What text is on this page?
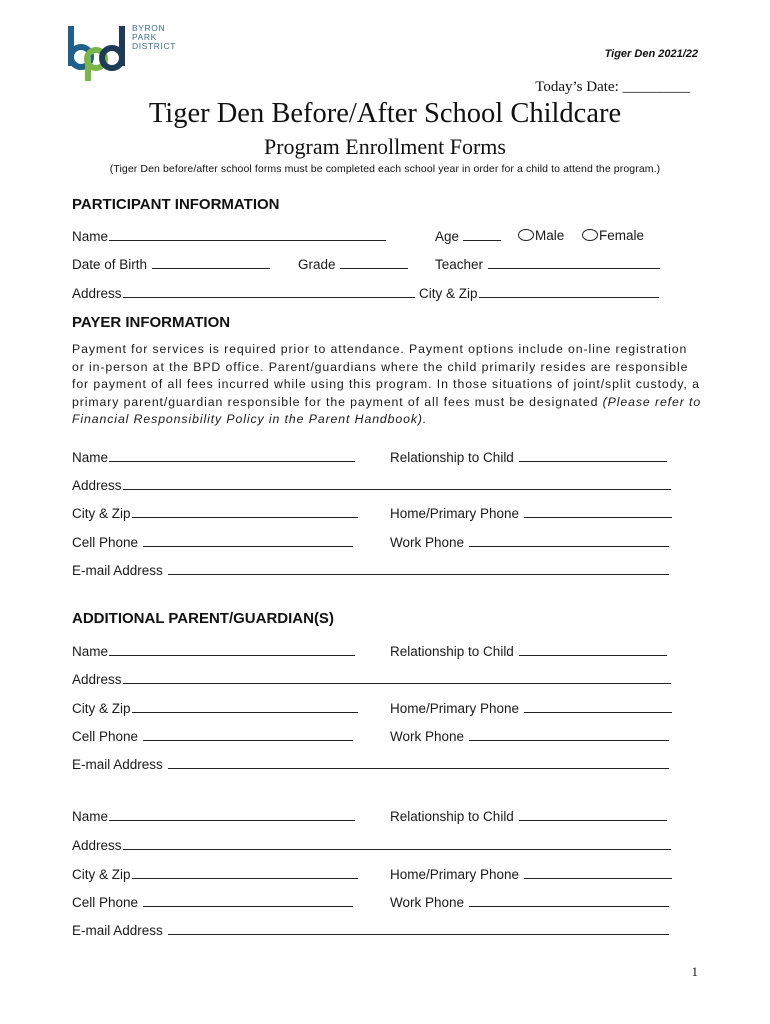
BYRON
PARK
DISTRICT
Tiger Den 2021/22
Today’s Date: _________
Tiger Den Before/After School Childcare
Program Enrollment Forms
(Tiger Den before/after school forms must be completed each school year in order for a child to attend the program.)
PARTICIPANT INFORMATION
Name	Age	Male	Female
Date of Birth	Grade	Teacher
Address	City & Zip
PAYER INFORMATION
Payment for services is required prior to attendance. Payment options include on-line registration or in-person at the BPD office. Parent/guardians where the child primarily resides are responsible for payment of all fees incurred while using this program. In those situations of joint/split custody, a primary parent/guardian responsible for the payment of all fees must be designated (Please refer to Financial Responsibility Policy in the Parent Handbook).
Name	Relationship to Child
Address
City & Zip	Home/Primary Phone
Cell Phone	Work Phone
E-mail Address
ADDITIONAL PARENT/GUARDIAN(S)
Name	Relationship to Child
Address
City & Zip	Home/Primary Phone
Cell Phone	Work Phone
E-mail Address
Name	Relationship to Child
Address
City & Zip	Home/Primary Phone
Cell Phone	Work Phone
E-mail Address
1
